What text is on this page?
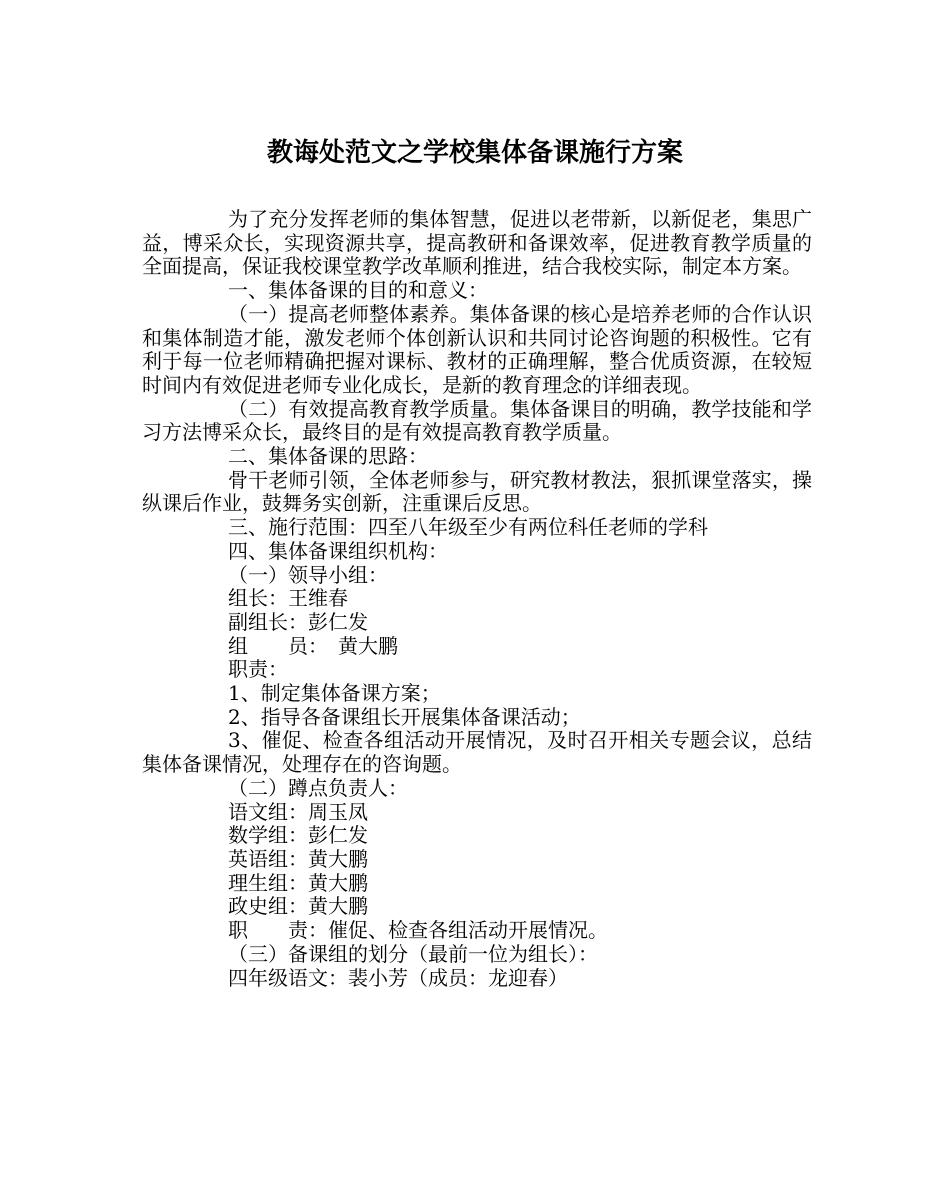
教诲处范文之学校集体备课施行方案

为了充分发挥老师的集体智慧，促进以老带新，以新促老，集思广益，博采众长，实现资源共享，提高教研和备课效率，促进教育教学质量的全面提高，保证我校课堂教学改革顺利推进，结合我校实际，制定本方案。

一、集体备课的目的和意义：

（一）提高老师整体素养。集体备课的核心是培养老师的合作认识和集体制造才能，激发老师个体创新认识和共同讨论咨询题的积极性。它有利于每一位老师精确把握对课标、教材的正确理解，整合优质资源，在较短时间内有效促进老师专业化成长，是新的教育理念的详细表现。

（二）有效提高教育教学质量。集体备课目的明确，教学技能和学习方法博采众长，最终目的是有效提高教育教学质量。

二、集体备课的思路：

骨干老师引领，全体老师参与，研究教材教法，狠抓课堂落实，操纵课后作业，鼓舞务实创新，注重课后反思。

三、施行范围：四至八年级至少有两位科任老师的学科

四、集体备课组织机构：

（一）领导小组：

组长：王维春

副组长：彭仁发

组　　员：　黄大鹏

职责：

1、制定集体备课方案；

2、指导各备课组长开展集体备课活动；

3、催促、检查各组活动开展情况，及时召开相关专题会议，总结集体备课情况，处理存在的咨询题。

（二）蹲点负责人：

语文组：周玉凤

数学组：彭仁发

英语组：黄大鹏

理生组：黄大鹏

政史组：黄大鹏

职　　责：催促、检查各组活动开展情况。

（三）备课组的划分（最前一位为组长）：

四年级语文：裴小芳（成员：龙迎春）
